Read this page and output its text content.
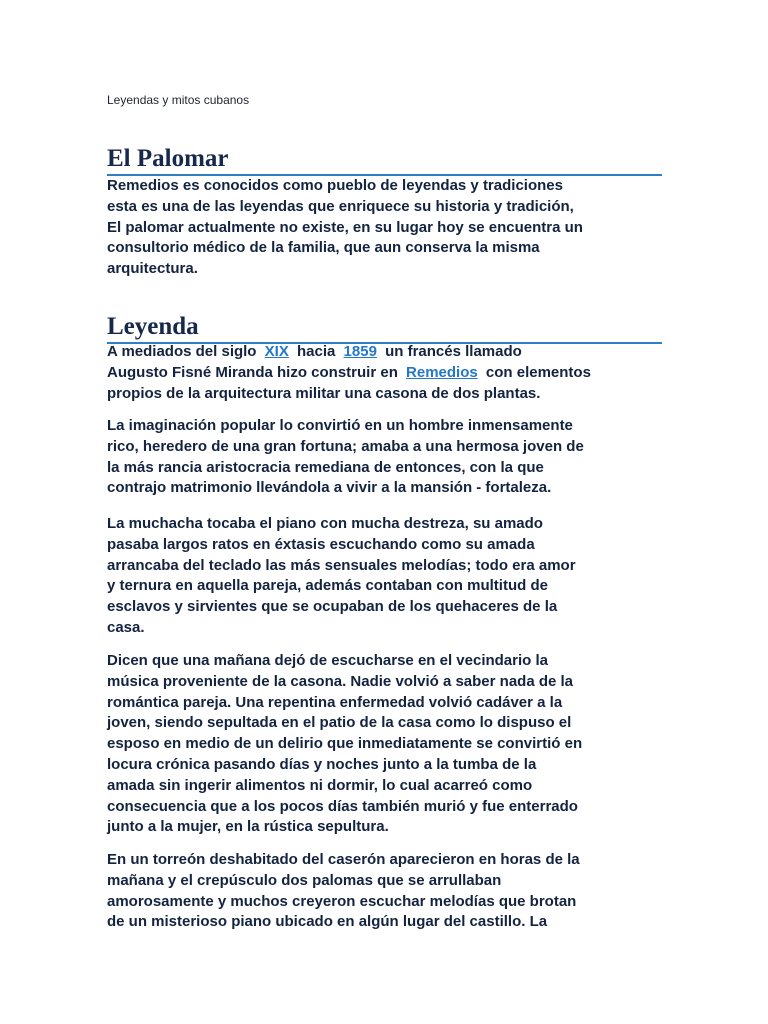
Leyendas y mitos cubanos
El Palomar

Remedios es conocidos como pueblo de leyendas y tradiciones
esta es una de las leyendas que enriquece su historia y tradición,
El palomar actualmente no existe, en su lugar hoy se encuentra un
consultorio médico de la familia, que aun conserva la misma
arquitectura.

Leyenda

A mediados del siglo XIX hacia 1859 un francés llamado
Augusto Fisné Miranda hizo construir en Remedios con elementos
propios de la arquitectura militar una casona de dos plantas.

La imaginación popular lo convirtió en un hombre inmensamente
rico, heredero de una gran fortuna; amaba a una hermosa joven de
la más rancia aristocracia remediana de entonces, con la que
contrajo matrimonio llevándola a vivir a la mansión - fortaleza.

La muchacha tocaba el piano con mucha destreza, su amado
pasaba largos ratos en éxtasis escuchando como su amada
arrancaba del teclado las más sensuales melodías; todo era amor
y ternura en aquella pareja, además contaban con multitud de
esclavos y sirvientes que se ocupaban de los quehaceres de la
casa.

Dicen que una mañana dejó de escucharse en el vecindario la
música proveniente de la casona. Nadie volvió a saber nada de la
romántica pareja. Una repentina enfermedad volvió cadáver a la
joven, siendo sepultada en el patio de la casa como lo dispuso el
esposo en medio de un delirio que inmediatamente se convirtió en
locura crónica pasando días y noches junto a la tumba de la
amada sin ingerir alimentos ni dormir, lo cual acarreó como
consecuencia que a los pocos días también murió y fue enterrado
junto a la mujer, en la rústica sepultura.

En un torreón deshabitado del caserón aparecieron en horas de la
mañana y el crepúsculo dos palomas que se arrullaban
amorosamente y muchos creyeron escuchar melodías que brotan
de un misterioso piano ubicado en algún lugar del castillo. La
